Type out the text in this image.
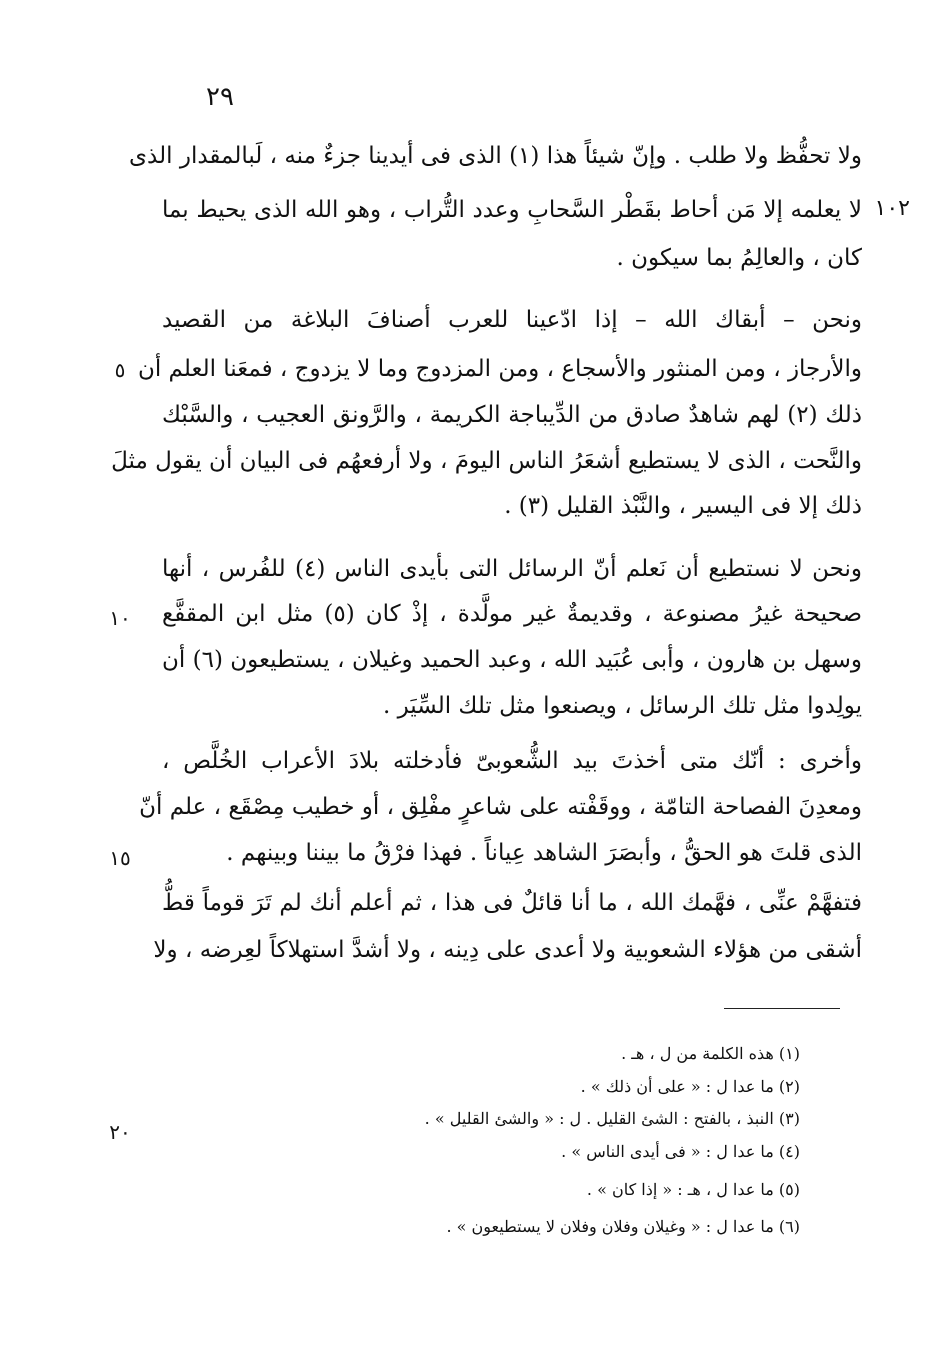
٢٩
ولا تحفُّظ ولا طلب . وإنّ شيئاً هذا (١) الذى فى أيدينا جزءٌ منه ، لَبالمقدار الذى
لا يعلمه إلا مَن أحاط بقَطْر السَّحابِ وعدد التُّراب ، وهو الله الذى يحيط بما
كان ، والعالِمُ بما سيكون .
ونحن – أبقاك الله – إذا ادّعينا للعرب أصنافَ البلاغة من القصيد
والأرجاز ، ومن المنثور والأسجاع ، ومن المزدوج وما لا يزدوج ، فمعَنا العلم أن
ذلك (٢) لهم شاهدٌ صادق من الدِّيباجة الكريمة ، والرَّونق العجيب ، والسَّبْك
والنَّحت ، الذى لا يستطيع أشعَرُ الناس اليومَ ، ولا أرفعهُم فى البيان أن يقول مثلَ
ذلك إلا فى اليسير ، والنَّبْذ القليل (٣) .
ونحن لا نستطيع أن نَعلم أنّ الرسائل التى بأيدى الناس (٤) للفُرس ، أنها
صحيحة غيرُ مصنوعة ، وقديمةٌ غير مولَّدة ، إذْ كان (٥) مثل ابن المقفَّع
وسهل بن هارون ، وأبى عُبَيد الله ، وعبد الحميد وغيلان ، يستطيعون (٦) أن
يولِدوا مثل تلك الرسائل ، ويصنعوا مثل تلك السِّيَر .
وأخرى : أنّك متى أخذتَ بيد الشُّعوبىّ فأدخلته بلادَ الأعراب الخُلَّص ،
ومعدِنَ الفصاحة التامّة ، ووقَفْته على شاعرٍ مفْلِق ، أو خطيب مِصْقَع ، علم أنّ
الذى قلتَ هو الحقُّ ، وأبصَرَ الشاهد عِياناً . فهذا فرْقُ ما بيننا وبينهم .
فتفهَّمْ عنِّى ، فهَّمك الله ، ما أنا قائلٌ فى هذا ، ثم أعلم أنك لم تَرَ قوماً قطُّ
أشقى من هؤلاء الشعوبية ولا أعدى على دِينه ، ولا أشدَّ استهلاكاً لعِرضه ، ولا
١٠٢
٥
١٠
١٥
٢٠
(١) هذه الكلمة من ل ، هـ .
(٢) ما عدا ل : « على أن ذلك » .
(٣) النبذ ، بالفتح : الشئ القليل . ل : « والشئ القليل » .
(٤) ما عدا ل : « فى أيدى الناس » .
(٥) ما عدا ل ، هـ : « إذا كان » .
(٦) ما عدا ل : « وغيلان وفلان وفلان لا يستطيعون » .
